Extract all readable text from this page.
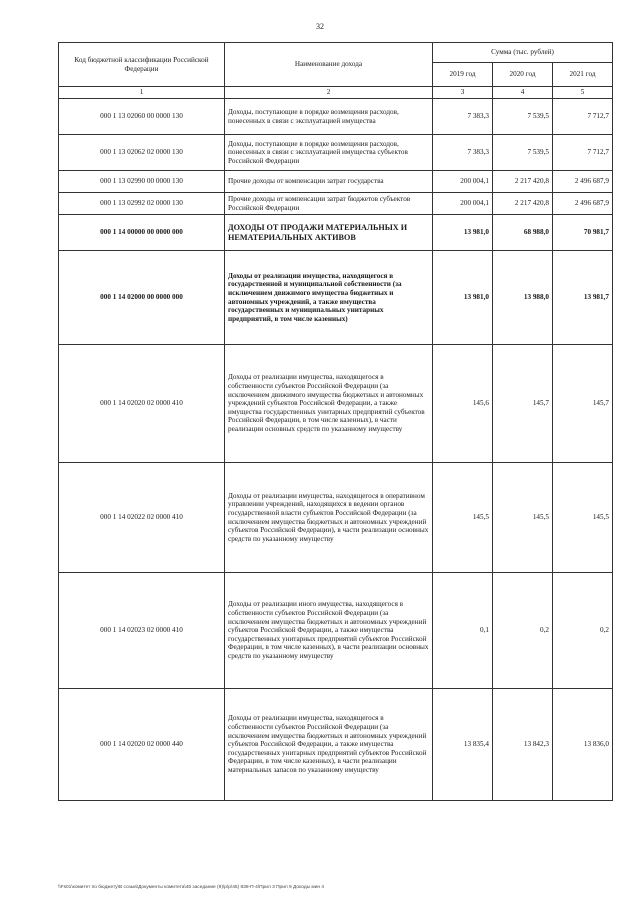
32
Код бюджетной классификации Российской Федерации	Наименование дохода	Сумма (тыс. рублей)		
		2019 год	2020 год	2021 год
1	2	3	4	5
000 1 13 02060 00 0000 130	Доходы, поступающие в порядке возмещения расходов, понесенных в связи с эксплуатацией имущества	7 383,3	7 539,5	7 712,7
000 1 13 02062 02 0000 130	Доходы, поступающие в порядке возмещения расходов, понесенных в связи с эксплуатацией имущества субъектов Российской Федерации	7 383,3	7 539,5	7 712,7
000 1 13 02990 00 0000 130	Прочие доходы от компенсации затрат государства	200 004,1	2 217 420,8	2 496 687,9
000 1 13 02992 02 0000 130	Прочие доходы от компенсации затрат бюджетов субъектов Российской Федерации	200 004,1	2 217 420,8	2 496 687,9
000 1 14 00000 00 0000 000	ДОХОДЫ ОТ ПРОДАЖИ МАТЕРИАЛЬНЫХ И НЕМАТЕРИАЛЬНЫХ АКТИВОВ	13 981,0	68 988,0	70 981,7
000 1 14 02000 00 0000 000	Доходы от реализации имущества, находящегося в государственной и муниципальной собственности (за исключением движимого имущества бюджетных и автономных учреждений, а также имущества государственных и муниципальных унитарных предприятий, в том числе казенных)	13 981,0	13 988,0	13 981,7
000 1 14 02020 02 0000 410	Доходы от реализации имущества, находящегося в собственности субъектов Российской Федерации (за исключением движимого имущества бюджетных и автономных учреждений субъектов Российской Федерации, а также имущества государственных унитарных предприятий субъектов Российской Федерации, в том числе казенных), в части реализации основных средств по указанному имуществу	145,6	145,7	145,7
000 1 14 02022 02 0000 410	Доходы от реализации имущества, находящегося в оперативном управлении учреждений, находящихся в ведении органов государственной власти субъектов Российской Федерации (за исключением имущества бюджетных и автономных учреждений субъектов Российской Федерации), в части реализации основных средств по указанному имуществу	145,5	145,5	145,5
000 1 14 02023 02 0000 410	Доходы от реализации иного имущества, находящегося в собственности субъектов Российской Федерации (за исключением имущества бюджетных и автономных учреждений субъектов Российской Федерации, а также имущества государственных унитарных предприятий субъектов Российской Федерации, в том числе казенных), в части реализации основных средств по указанному имуществу	0,1	0,2	0,2
000 1 14 02020 02 0000 440	Доходы от реализации имущества, находящегося в собственности субъектов Российской Федерации (за исключением имущества бюджетных и автономных учреждений субъектов Российской Федерации, а также имущества государственных унитарных предприятий субъектов Российской Федерации, в том числе казенных), в части реализации материальных запасов по указанному имуществу	13 835,4	13 842,3	13 836,0
\\Fs01\комитет по бюджету\В созыв\Документы комитета\45 заседание (9)\р\р\45) 838-П-4\Прил 3 Прил 9 Доходы мин 4
